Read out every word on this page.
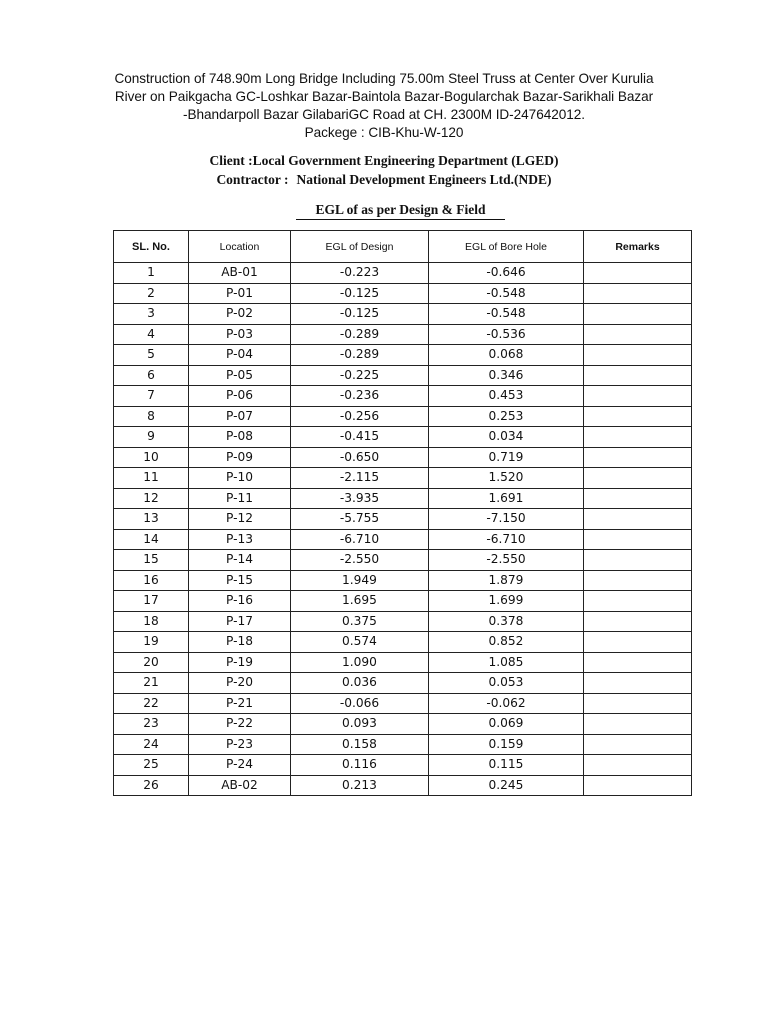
Construction of 748.90m Long Bridge Including 75.00m Steel Truss at Center Over Kurulia

River on Paikgacha GC-Loshkar Bazar-Baintola Bazar-Bogularchak Bazar-Sarikhali Bazar

-Bhandarpoll Bazar GilabariGC Road at CH. 2300M ID-247642012.

Packege : CIB-Khu-W-120

Client :Local Government Engineering Department (LGED)

Contractor : National Development Engineers Ltd.(NDE)

EGL of as per Design & Field
SL. No.	Location	EGL of Design	EGL of Bore Hole	Remarks
1	AB-01	-0.223	-0.646	
2	P-01	-0.125	-0.548	
3	P-02	-0.125	-0.548	
4	P-03	-0.289	-0.536	
5	P-04	-0.289	0.068	
6	P-05	-0.225	0.346	
7	P-06	-0.236	0.453	
8	P-07	-0.256	0.253	
9	P-08	-0.415	0.034	
10	P-09	-0.650	0.719	
11	P-10	-2.115	1.520	
12	P-11	-3.935	1.691	
13	P-12	-5.755	-7.150	
14	P-13	-6.710	-6.710	
15	P-14	-2.550	-2.550	
16	P-15	1.949	1.879	
17	P-16	1.695	1.699	
18	P-17	0.375	0.378	
19	P-18	0.574	0.852	
20	P-19	1.090	1.085	
21	P-20	0.036	0.053	
22	P-21	-0.066	-0.062	
23	P-22	0.093	0.069	
24	P-23	0.158	0.159	
25	P-24	0.116	0.115	
26	AB-02	0.213	0.245	
